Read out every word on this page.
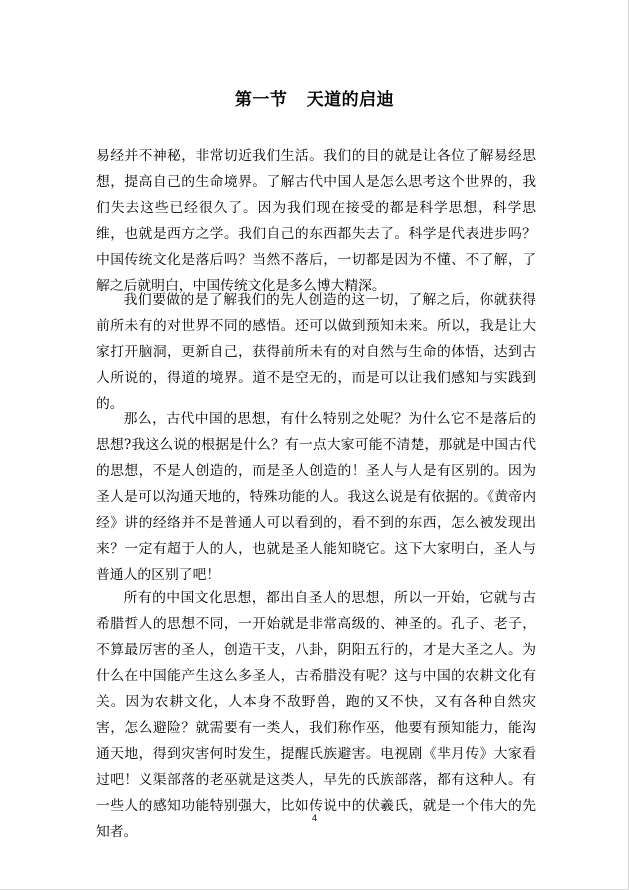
第一节   天道的启迪

易经并不神秘，非常切近我们生活。我们的目的就是让各位了解易经思想，提高自己的生命境界。了解古代中国人是怎么思考这个世界的，我们失去这些已经很久了。因为我们现在接受的都是科学思想，科学思维，也就是西方之学。我们自己的东西都失去了。科学是代表进步吗？中国传统文化是落后吗？当然不落后，一切都是因为不懂、不了解，了解之后就明白，中国传统文化是多么博大精深。

我们要做的是了解我们的先人创造的这一切，了解之后，你就获得前所未有的对世界不同的感悟。还可以做到预知未来。所以，我是让大家打开脑洞，更新自己，获得前所未有的对自然与生命的体悟，达到古人所说的，得道的境界。道不是空无的，而是可以让我们感知与实践到的。

那么，古代中国的思想，有什么特别之处呢？为什么它不是落后的思想?我这么说的根据是什么？有一点大家可能不清楚，那就是中国古代的思想，不是人创造的，而是圣人创造的！圣人与人是有区别的。因为圣人是可以沟通天地的，特殊功能的人。我这么说是有依据的。《黄帝内经》讲的经络并不是普通人可以看到的，看不到的东西，怎么被发现出来？一定有超于人的人，也就是圣人能知晓它。这下大家明白，圣人与普通人的区别了吧！

所有的中国文化思想，都出自圣人的思想，所以一开始，它就与古希腊哲人的思想不同，一开始就是非常高级的、神圣的。孔子、老子，不算最厉害的圣人，创造干支，八卦，阴阳五行的，才是大圣之人。为什么在中国能产生这么多圣人，古希腊没有呢？这与中国的农耕文化有关。因为农耕文化，人本身不敌野兽，跑的又不快，又有各种自然灾害，怎么避险？就需要有一类人，我们称作巫，他要有预知能力，能沟通天地，得到灾害何时发生，提醒氏族避害。电视剧《芈月传》大家看过吧！义渠部落的老巫就是这类人，早先的氏族部落，都有这种人。有一些人的感知功能特别强大，比如传说中的伏羲氏，就是一个伟大的先知者。

4
